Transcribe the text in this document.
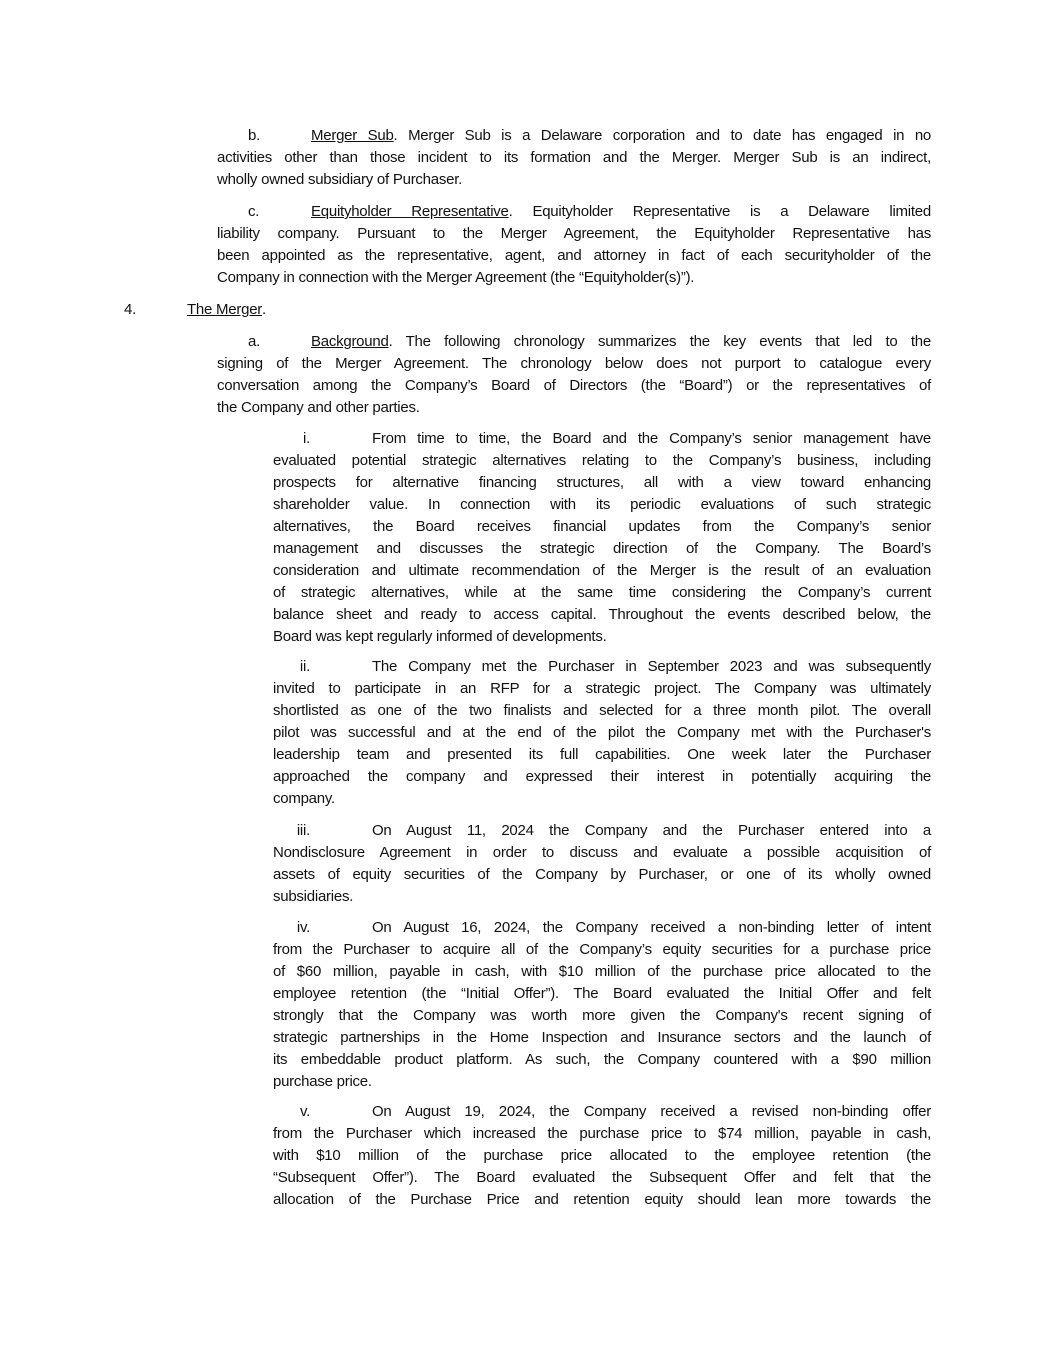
b.	Merger Sub. Merger Sub is a Delaware corporation and to date has engaged in no
activities other than those incident to its formation and the Merger. Merger Sub is an indirect,
wholly owned subsidiary of Purchaser.
c.	Equityholder Representative. Equityholder Representative is a Delaware limited
liability company. Pursuant to the Merger Agreement, the Equityholder Representative has
been appointed as the representative, agent, and attorney in fact of each securityholder of the
Company in connection with the Merger Agreement (the “Equityholder(s)”).
4.	The Merger .
a.	Background. The following chronology summarizes the key events that led to the
signing of the Merger Agreement. The chronology below does not purport to catalogue every
conversation among the Company’s Board of Directors (the “Board”) or the representatives of
the Company and other parties.
i.	From time to time, the Board and the Company’s senior management have
evaluated potential strategic alternatives relating to the Company’s business, including
prospects for alternative financing structures, all with a view toward enhancing
shareholder value. In connection with its periodic evaluations of such strategic
alternatives, the Board receives financial updates from the Company’s senior
management and discusses the strategic direction of the Company. The Board’s
consideration and ultimate recommendation of the Merger is the result of an evaluation
of strategic alternatives, while at the same time considering the Company’s current
balance sheet and ready to access capital. Throughout the events described below, the
Board was kept regularly informed of developments.
ii.	The Company met the Purchaser in September 2023 and was subsequently
invited to participate in an RFP for a strategic project. The Company was ultimately
shortlisted as one of the two finalists and selected for a three month pilot. The overall
pilot was successful and at the end of the pilot the Company met with the Purchaser's
leadership team and presented its full capabilities. One week later the Purchaser
approached the company and expressed their interest in potentially acquiring the
company.
iii.	On August 11, 2024 the Company and the Purchaser entered into a
Nondisclosure Agreement in order to discuss and evaluate a possible acquisition of
assets of equity securities of the Company by Purchaser, or one of its wholly owned
subsidiaries.
iv.	On August 16, 2024, the Company received a non-binding letter of intent
from the Purchaser to acquire all of the Company’s equity securities for a purchase price
of $60 million, payable in cash, with $10 million of the purchase price allocated to the
employee retention (the “Initial Offer”). The Board evaluated the Initial Offer and felt
strongly that the Company was worth more given the Company's recent signing of
strategic partnerships in the Home Inspection and Insurance sectors and the launch of
its embeddable product platform. As such, the Company countered with a $90 million
purchase price.
v.	On August 19, 2024, the Company received a revised non-binding offer
from the Purchaser which increased the purchase price to $74 million, payable in cash,
with $10 million of the purchase price allocated to the employee retention (the
“Subsequent Offer”). The Board evaluated the Subsequent Offer and felt that the
allocation of the Purchase Price and retention equity should lean more towards the
